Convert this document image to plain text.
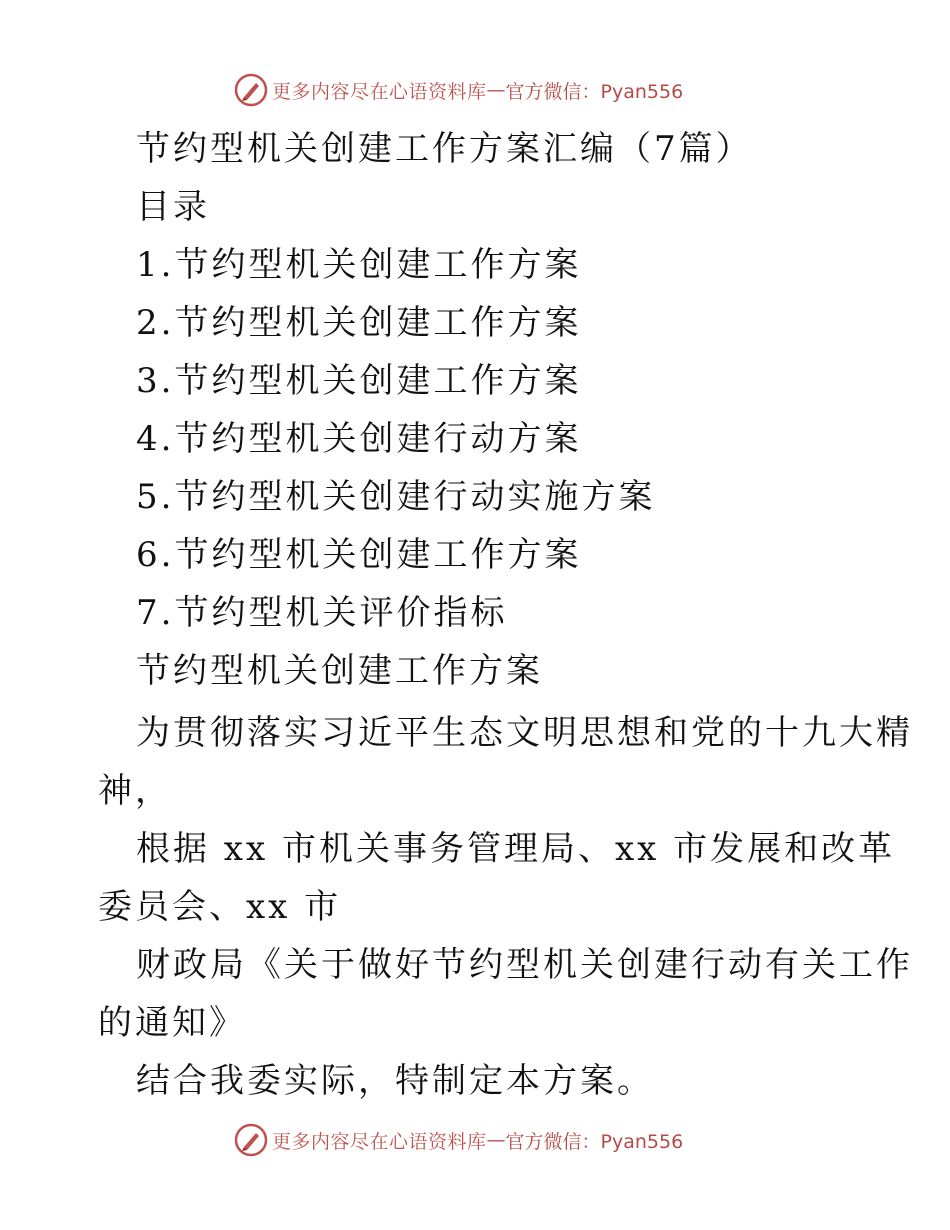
更多内容尽在心语资料库 — 官方微信：Pyan556
节约型机关创建工作方案汇编（7篇）
目录
1.节约型机关创建工作方案
2.节约型机关创建工作方案
3.节约型机关创建工作方案
4.节约型机关创建行动方案
5.节约型机关创建行动实施方案
6.节约型机关创建工作方案
7.节约型机关评价指标
节约型机关创建工作方案
为贯彻落实习近平生态文明思想和党的十九大精
神，
根据 xx 市机关事务管理局、xx 市发展和改革
委员会、xx 市
财政局《关于做好节约型机关创建行动有关工作
的通知》
结合我委实际，特制定本方案。
更多内容尽在心语资料库 — 官方微信：Pyan556
